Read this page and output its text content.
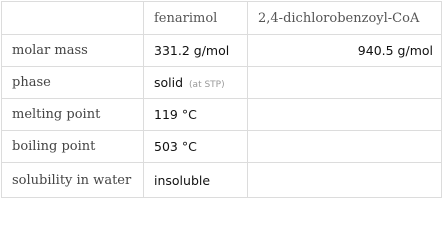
	fenarimol	2,4-dichlorobenzoyl-CoA
molar mass	331.2 g/mol	940.5 g/mol
phase	solid (at STP)	
melting point	119 °C	
boiling point	503 °C	
solubility in water	insoluble	
